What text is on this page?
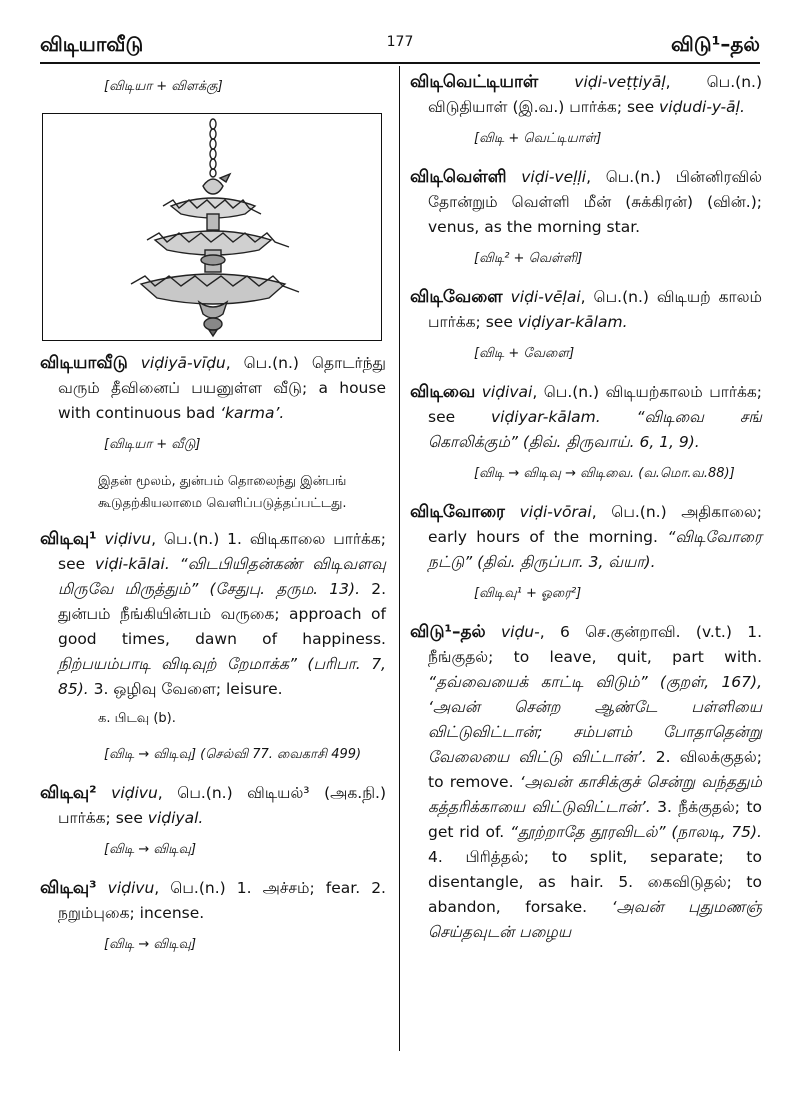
விடியாவீடு	177	விடு¹–தல்
[விடியா + விளக்கு]

விடியாவீடு viḍiyā-vīḍu, பெ.(n.) தொடர்ந்து வரும் தீவினைப் பயனுள்ள வீடு; a house with continuous bad ‘karma’.

[விடியா + வீடு]
இதன் மூலம், துன்பம் தொலைந்து இன்பங் கூடுதற்கியலாமை வெளிப்படுத்தப்பட்டது.

விடிவு¹ viḍivu, பெ.(n.) 1. விடிகாலை பார்க்க; see viḍi-kālai. “விடபியிதன்கண் விடிவளவு மிருவே மிருத்தும்” (சேதுபு. தரும. 13). 2. துன்பம் நீங்கியின்பம் வருகை; approach of good times, dawn of happiness. நிற்பயம்பாடி விடிவுற் றேமாக்க” (பரிபா. 7, 85). 3. ஒழிவு வேளை; leisure.

க. பிடவு (b).
[விடி → விடிவு] (செல்வி 77. வைகாசி 499)

விடிவு² viḍivu, பெ.(n.) விடியல்³ (அக.நி.) பார்க்க; see viḍiyal.

[விடி → விடிவு]

விடிவு³ viḍivu, பெ.(n.) 1. அச்சம்; fear. 2. நறும்புகை; incense.

[விடி → விடிவு]

விடிவெட்டியாள் viḍi-veṭṭiyāḷ, பெ.(n.) விடுதியாள் (இ.வ.) பார்க்க; see viḍudi-y-āḷ.

[விடி + வெட்டியாள்]

விடிவெள்ளி viḍi-veḷḷi, பெ.(n.) பின்னிரவில் தோன்றும் வெள்ளி மீன் (சுக்கிரன்) (வின்.); venus, as the morning star.

[விடி² + வெள்ளி]

விடிவேளை viḍi-vēḷai, பெ.(n.) விடியற் காலம் பார்க்க; see viḍiyar-kālam.

[விடி + வேளை]

விடிவை viḍivai, பெ.(n.) விடியற்காலம் பார்க்க; see viḍiyar-kālam. “விடிவை சங் கொலிக்கும்” (திவ். திருவாய். 6, 1, 9).

[விடி → விடிவு → விடிவை. (வ.மொ.வ.88)]

விடிவோரை viḍi-vōrai, பெ.(n.) அதிகாலை; early hours of the morning. “விடிவோரை நட்டு” (திவ். திருப்பா. 3, வ்யா).

[விடிவு¹ + ஓரை²]

விடு¹–தல் viḍu-, 6 செ.குன்றாவி. (v.t.) 1. நீங்குதல்; to leave, quit, part with. “தவ்வையைக் காட்டி விடும்” (குறள், 167), ‘அவன் சென்ற ஆண்டே பள்ளியை விட்டுவிட்டான்; சம்பளம் போதாதென்று வேலையை விட்டு விட்டான்’. 2. விலக்குதல்; to remove. ‘அவன் காசிக்குச் சென்று வந்ததும் கத்தரிக்காயை விட்டுவிட்டான்’. 3. நீக்குதல்; to get rid of. “தூற்றாதே தூரவிடல்” (நாலடி, 75). 4. பிரித்தல்; to split, separate; to disentangle, as hair. 5. கைவிடுதல்; to abandon, forsake. ‘அவன் புதுமணஞ் செய்தவுடன் பழைய
